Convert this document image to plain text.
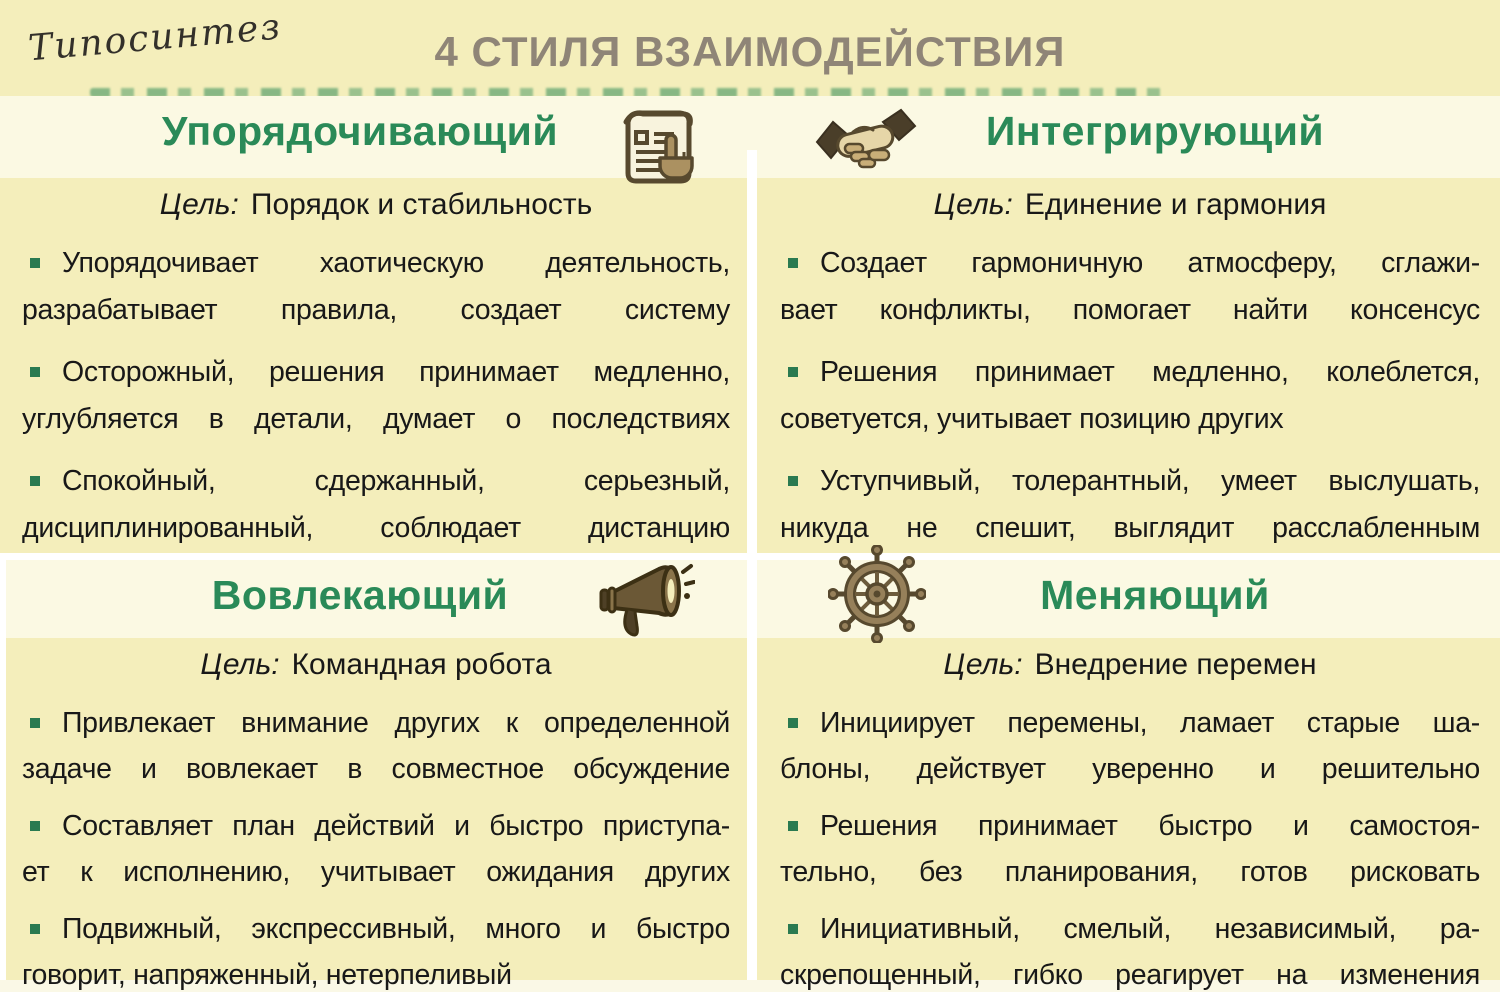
Типосинтез	4 СТИЛЯ ВЗАИМОДЕЙСТВИЯ
Упорядочивающий	Интегрирующий
Вовлекающий	Меняющий
Цель: Порядок и стабильность
Упорядочивает хаотическую деятельность,
разрабатывает правила, создает систему
Осторожный, решения принимает медленно,
углубляется в детали, думает о последствиях
Спокойный, сдержанный, серьезный,
дисциплинированный, соблюдает дистанцию
Цель: Единение и гармония
Создает гармоничную атмосферу, сглажи-
вает конфликты, помогает найти консенсус
Решения принимает медленно, колеблется,
советуется, учитывает позицию других
Уступчивый, толерантный, умеет выслушать,
никуда не спешит, выглядит расслабленным
Цель: Командная робота
Привлекает внимание других к определенной
задаче и вовлекает в совместное обсуждение
Составляет план действий и быстро приступа-
ет к исполнению, учитывает ожидания других
Подвижный, экспрессивный, много и быстро
говорит, напряженный, нетерпеливый
Цель: Внедрение перемен
Инициирует перемены, ламает старые ша-
блоны, действует уверенно и решительно
Решения принимает быстро и самостоя-
тельно, без планирования, готов рисковать
Инициативный, смелый, независимый, ра-
скрепощенный, гибко реагирует на изменения
